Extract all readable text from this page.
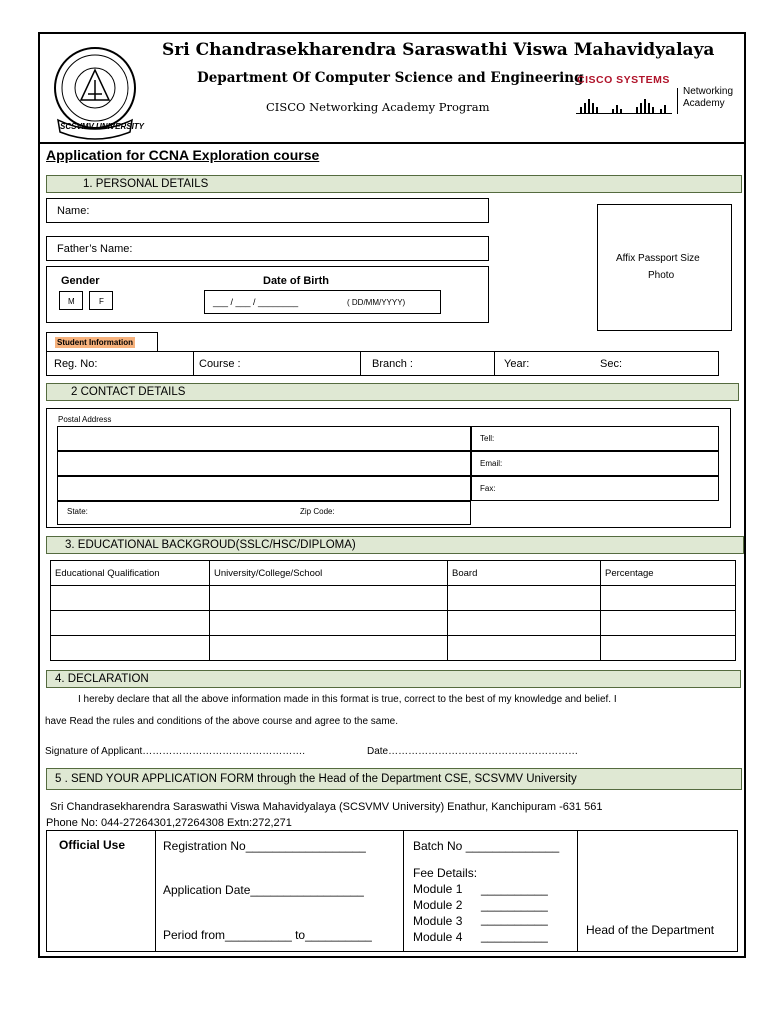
SCSVMV UNIVERSITY
Sri Chandrasekharendra Saraswathi Viswa Mahavidyalaya
Department Of Computer Science and Engineering
CISCO Networking Academy Program
CISCO SYSTEMS
Networking
Academy
Application for CCNA Exploration course
1. PERSONAL DETAILS
Name:
Father’s Name:
Gender	Date of Birth
M	F	___ / ___ / ________	( DD/MM/YYYY)
Affix Passport Size
Photo
Student Information
Reg. No:	Course :	Branch :	Year:	Sec:
2 CONTACT DETAILS
Postal Address
State:	Zip Code:
Tell:
Email:
Fax:
3. EDUCATIONAL BACKGROUD(SSLC/HSC/DIPLOMA)
Educational Qualification	University/College/School	Board	Percentage

4. DECLARATION
I hereby declare that all the above information made in this format is true, correct to the best of my knowledge and belief. I
have Read the rules and conditions of the above course and agree to the same.
Signature of Applicant………………………………………….	Date…………………………………………………
5 . SEND YOUR APPLICATION FORM through the Head of the Department CSE, SCSVMV University
Sri Chandrasekharendra Saraswathi Viswa Mahavidyalaya (SCSVMV University) Enathur, Kanchipuram -631 561
Phone No: 044-27264301,27264308 Extn:272,271
Official Use	Registration No__________________
Application Date_________________
Period from__________ to__________
Batch No ______________
Fee Details:
Module 1 __________
Module 2 __________
Module 3 __________
Module 4 __________	Head of the Department
